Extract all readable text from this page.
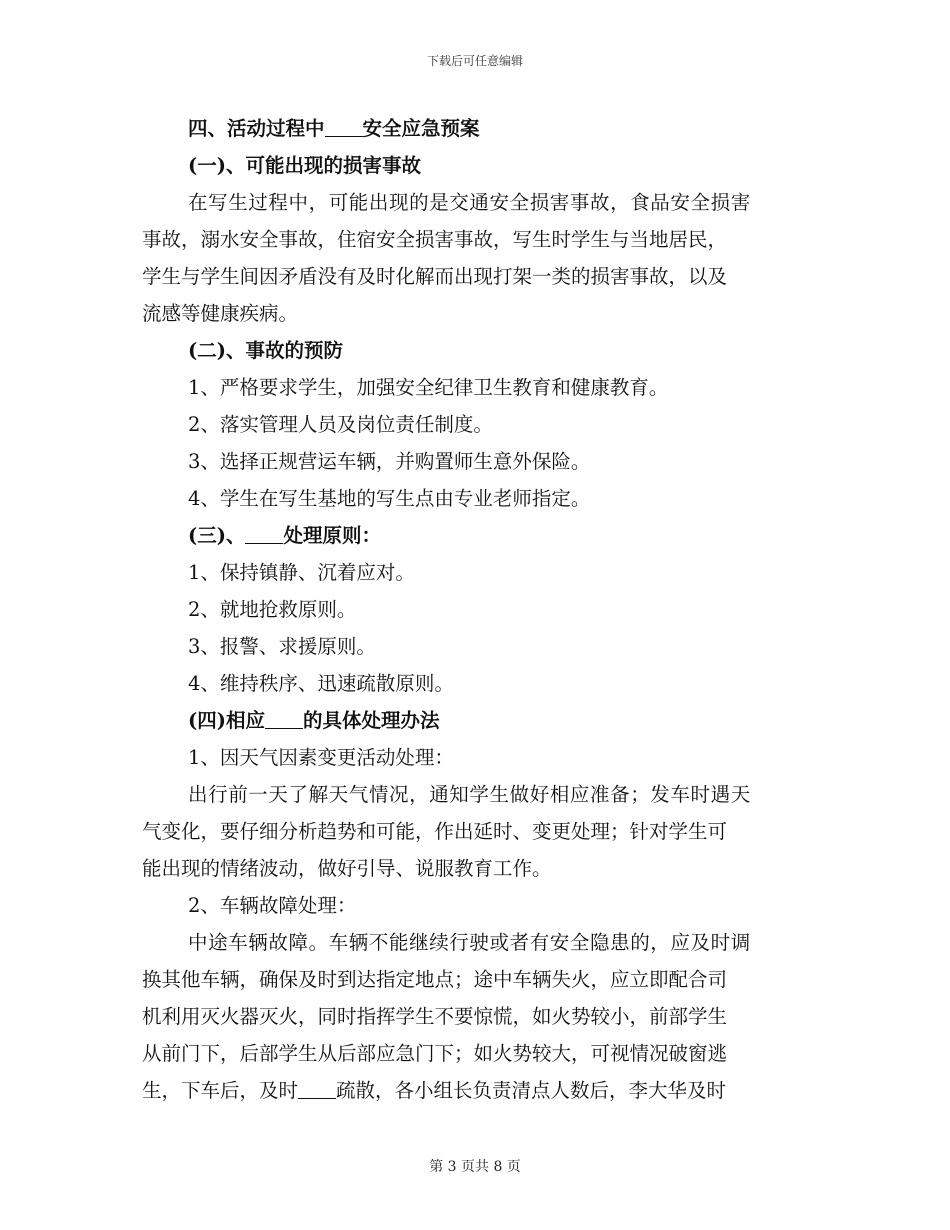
下载后可任意编辑
四、活动过程中 安全应急预案
(一)、可能出现的损害事故
在写生过程中，可能出现的是交通安全损害事故，食品安全损害
事故，溺水安全事故，住宿安全损害事故，写生时学生与当地居民，
学生与学生间因矛盾没有及时化解而出现打架一类的损害事故，以及
流感等健康疾病。
(二)、事故的预防
1、严格要求学生，加强安全纪律卫生教育和健康教育。
2、落实管理人员及岗位责任制度。
3、选择正规营运车辆，并购置师生意外保险。
4、学生在写生基地的写生点由专业老师指定。
(三)、 处理原则：
1、保持镇静、沉着应对。
2、就地抢救原则。
3、报警、求援原则。
4、维持秩序、迅速疏散原则。
(四)相应 的具体处理办法
1、因天气因素变更活动处理：
出行前一天了解天气情况，通知学生做好相应准备；发车时遇天
气变化，要仔细分析趋势和可能，作出延时、变更处理；针对学生可
能出现的情绪波动，做好引导、说服教育工作。
2、车辆故障处理：
中途车辆故障。车辆不能继续行驶或者有安全隐患的，应及时调
换其他车辆，确保及时到达指定地点；途中车辆失火，应立即配合司
机利用灭火器灭火，同时指挥学生不要惊慌，如火势较小，前部学生
从前门下，后部学生从后部应急门下；如火势较大，可视情况破窗逃
生，下车后，及时 疏散，各小组长负责清点人数后，李大华及时
第 3 页共 8 页
